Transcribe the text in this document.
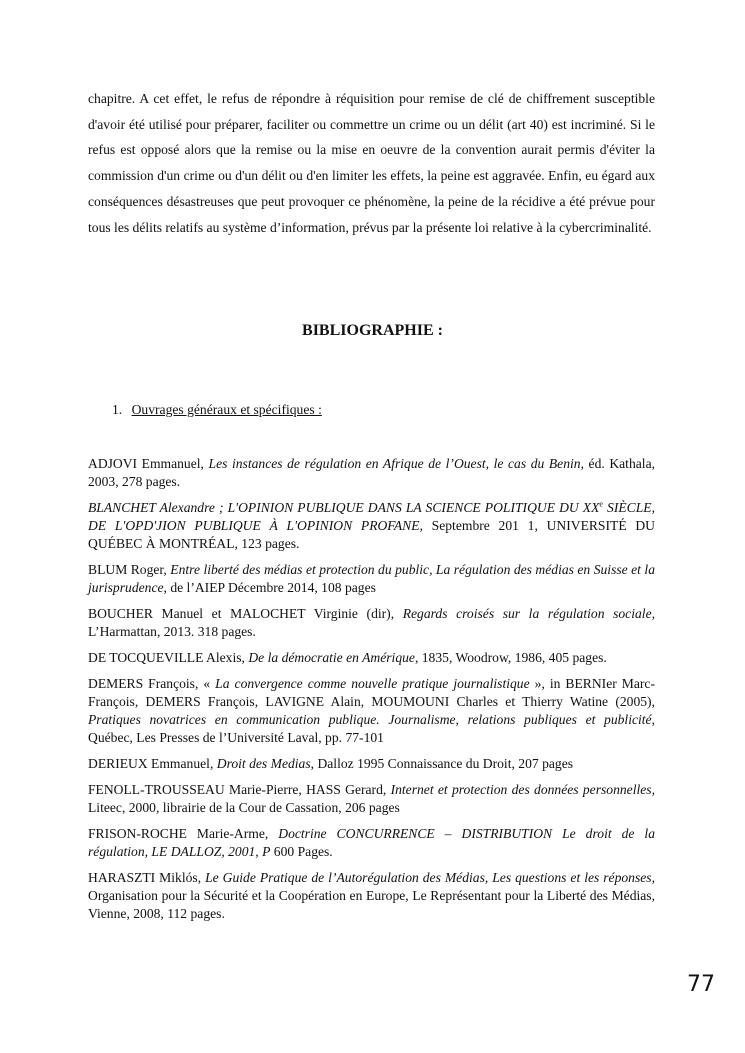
chapitre. A cet effet, le refus de répondre à réquisition pour remise de clé de chiffrement susceptible d'avoir été utilisé pour préparer, faciliter ou commettre un crime ou un délit (art 40) est incriminé. Si le refus est opposé alors que la remise ou la mise en oeuvre de la convention aurait permis d'éviter la commission d'un crime ou d'un délit ou d'en limiter les effets, la peine est aggravée. Enfin, eu égard aux conséquences désastreuses que peut provoquer ce phénomène, la peine de la récidive a été prévue pour tous les délits relatifs au système d’information, prévus par la présente loi relative à la cybercriminalité.

BIBLIOGRAPHIE :

1. Ouvrages généraux et spécifiques :

ADJOVI Emmanuel, Les instances de régulation en Afrique de l’Ouest, le cas du Benin, éd. Kathala, 2003, 278 pages.

BLANCHET Alexandre ; L'OPINION PUBLIQUE DANS LA SCIENCE POLITIQUE DU XXe SIÈCLE, DE L'OPD'JION PUBLIQUE À L'OPINION PROFANE, Septembre 201 1, UNIVERSITÉ DU QUÉBEC À MONTRÉAL, 123 pages.

BLUM Roger, Entre liberté des médias et protection du public, La régulation des médias en Suisse et la jurisprudence, de l’AIEP Décembre 2014, 108 pages

BOUCHER Manuel et MALOCHET Virginie (dir), Regards croisés sur la régulation sociale, L’Harmattan, 2013. 318 pages.

DE TOCQUEVILLE Alexis, De la démocratie en Amérique, 1835, Woodrow, 1986, 405 pages.

DEMERS François, « La convergence comme nouvelle pratique journalistique », in BERNIer Marc-François, DEMERS François, LAVIGNE Alain, MOUMOUNI Charles et Thierry Watine (2005), Pratiques novatrices en communication publique. Journalisme, relations publiques et publicité, Québec, Les Presses de l’Université Laval, pp. 77-101

DERIEUX Emmanuel, Droit des Medias, Dalloz 1995 Connaissance du Droit, 207 pages

FENOLL-TROUSSEAU Marie-Pierre, HASS Gerard, Internet et protection des données personnelles, Liteec, 2000, librairie de la Cour de Cassation, 206 pages

FRISON-ROCHE Marie-Arme, Doctrine CONCURRENCE – DISTRIBUTION Le droit de la régulation, LE DALLOZ, 2001, P 600 Pages.

HARASZTI Miklós, Le Guide Pratique de l’Autorégulation des Médias, Les questions et les réponses, Organisation pour la Sécurité et la Coopération en Europe, Le Représentant pour la Liberté des Médias, Vienne, 2008, 112 pages.

77
